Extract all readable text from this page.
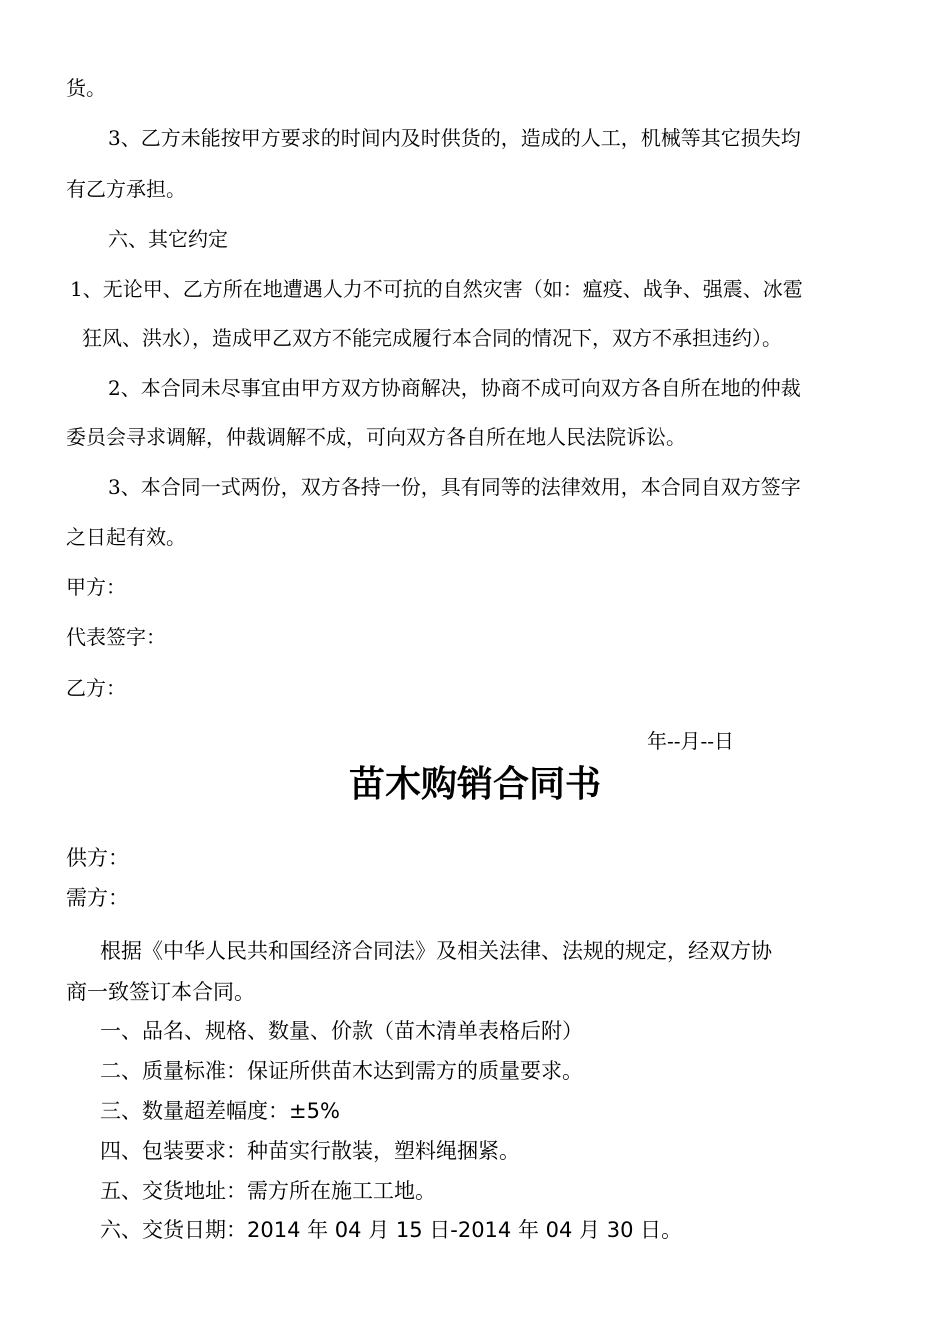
货。
3、乙方未能按甲方要求的时间内及时供货的，造成的人工，机械等其它损失均
有乙方承担。
六、其它约定
1、无论甲、乙方所在地遭遇人力不可抗的自然灾害（如：瘟疫、战争、强震、冰雹
狂风、洪水），造成甲乙双方不能完成履行本合同的情况下，双方不承担违约）。
2、本合同未尽事宜由甲方双方协商解决，协商不成可向双方各自所在地的仲裁
委员会寻求调解，仲裁调解不成，可向双方各自所在地人民法院诉讼。
3、本合同一式两份，双方各持一份，具有同等的法律效用，本合同自双方签字
之日起有效。
甲方：
代表签字：
乙方：
年--月--日
苗木购销合同书
供方：
需方：
根据《中华人民共和国经济合同法》及相关法律、法规的规定，经双方协
商一致签订本合同。
一、品名、规格、数量、价款（苗木清单表格后附）
二、质量标准：保证所供苗木达到需方的质量要求。
三、数量超差幅度：±5%
四、包装要求：种苗实行散装，塑料绳捆紧。
五、交货地址：需方所在施工工地。
六、交货日期：2014 年 04 月 15 日-2014 年 04 月 30 日。
